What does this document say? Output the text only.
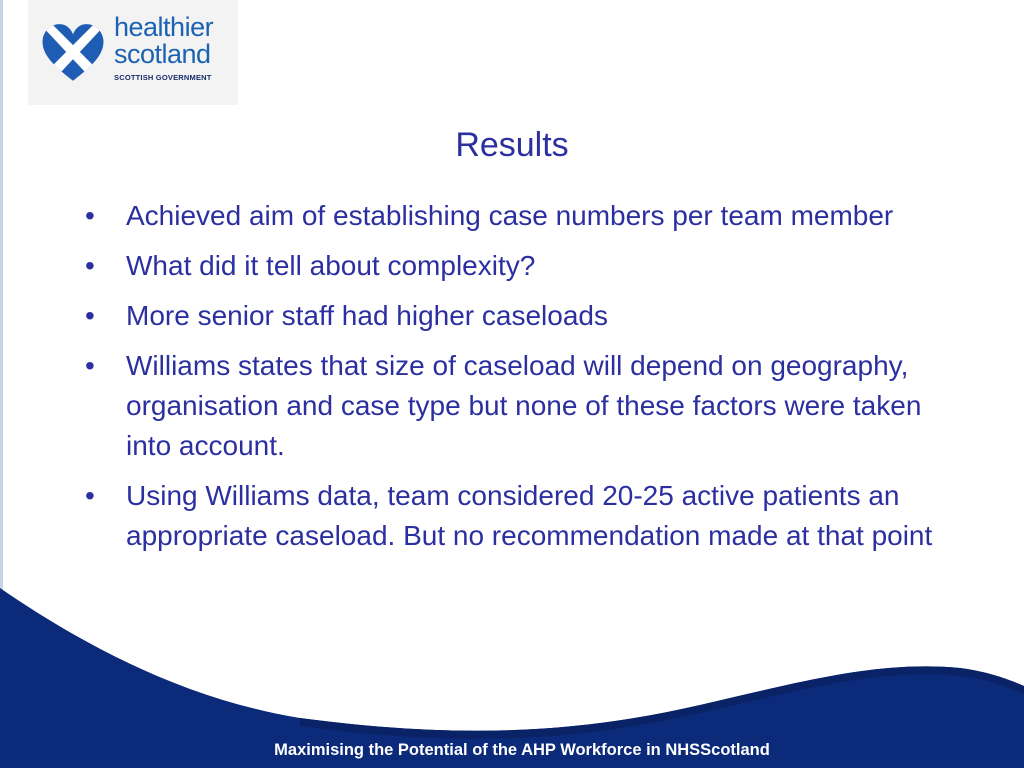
healthier
scotland
SCOTTISH GOVERNMENT
Results
• Achieved aim of establishing case numbers per team member
• What did it tell about complexity?
• More senior staff had higher caseloads
• Williams states that size of caseload will depend on geography, organisation and case type but none of these factors were taken into account.
• Using Williams data, team considered 20-25 active patients an appropriate caseload. But no recommendation made at that point
Maximising the Potential of the AHP Workforce in NHSScotland
